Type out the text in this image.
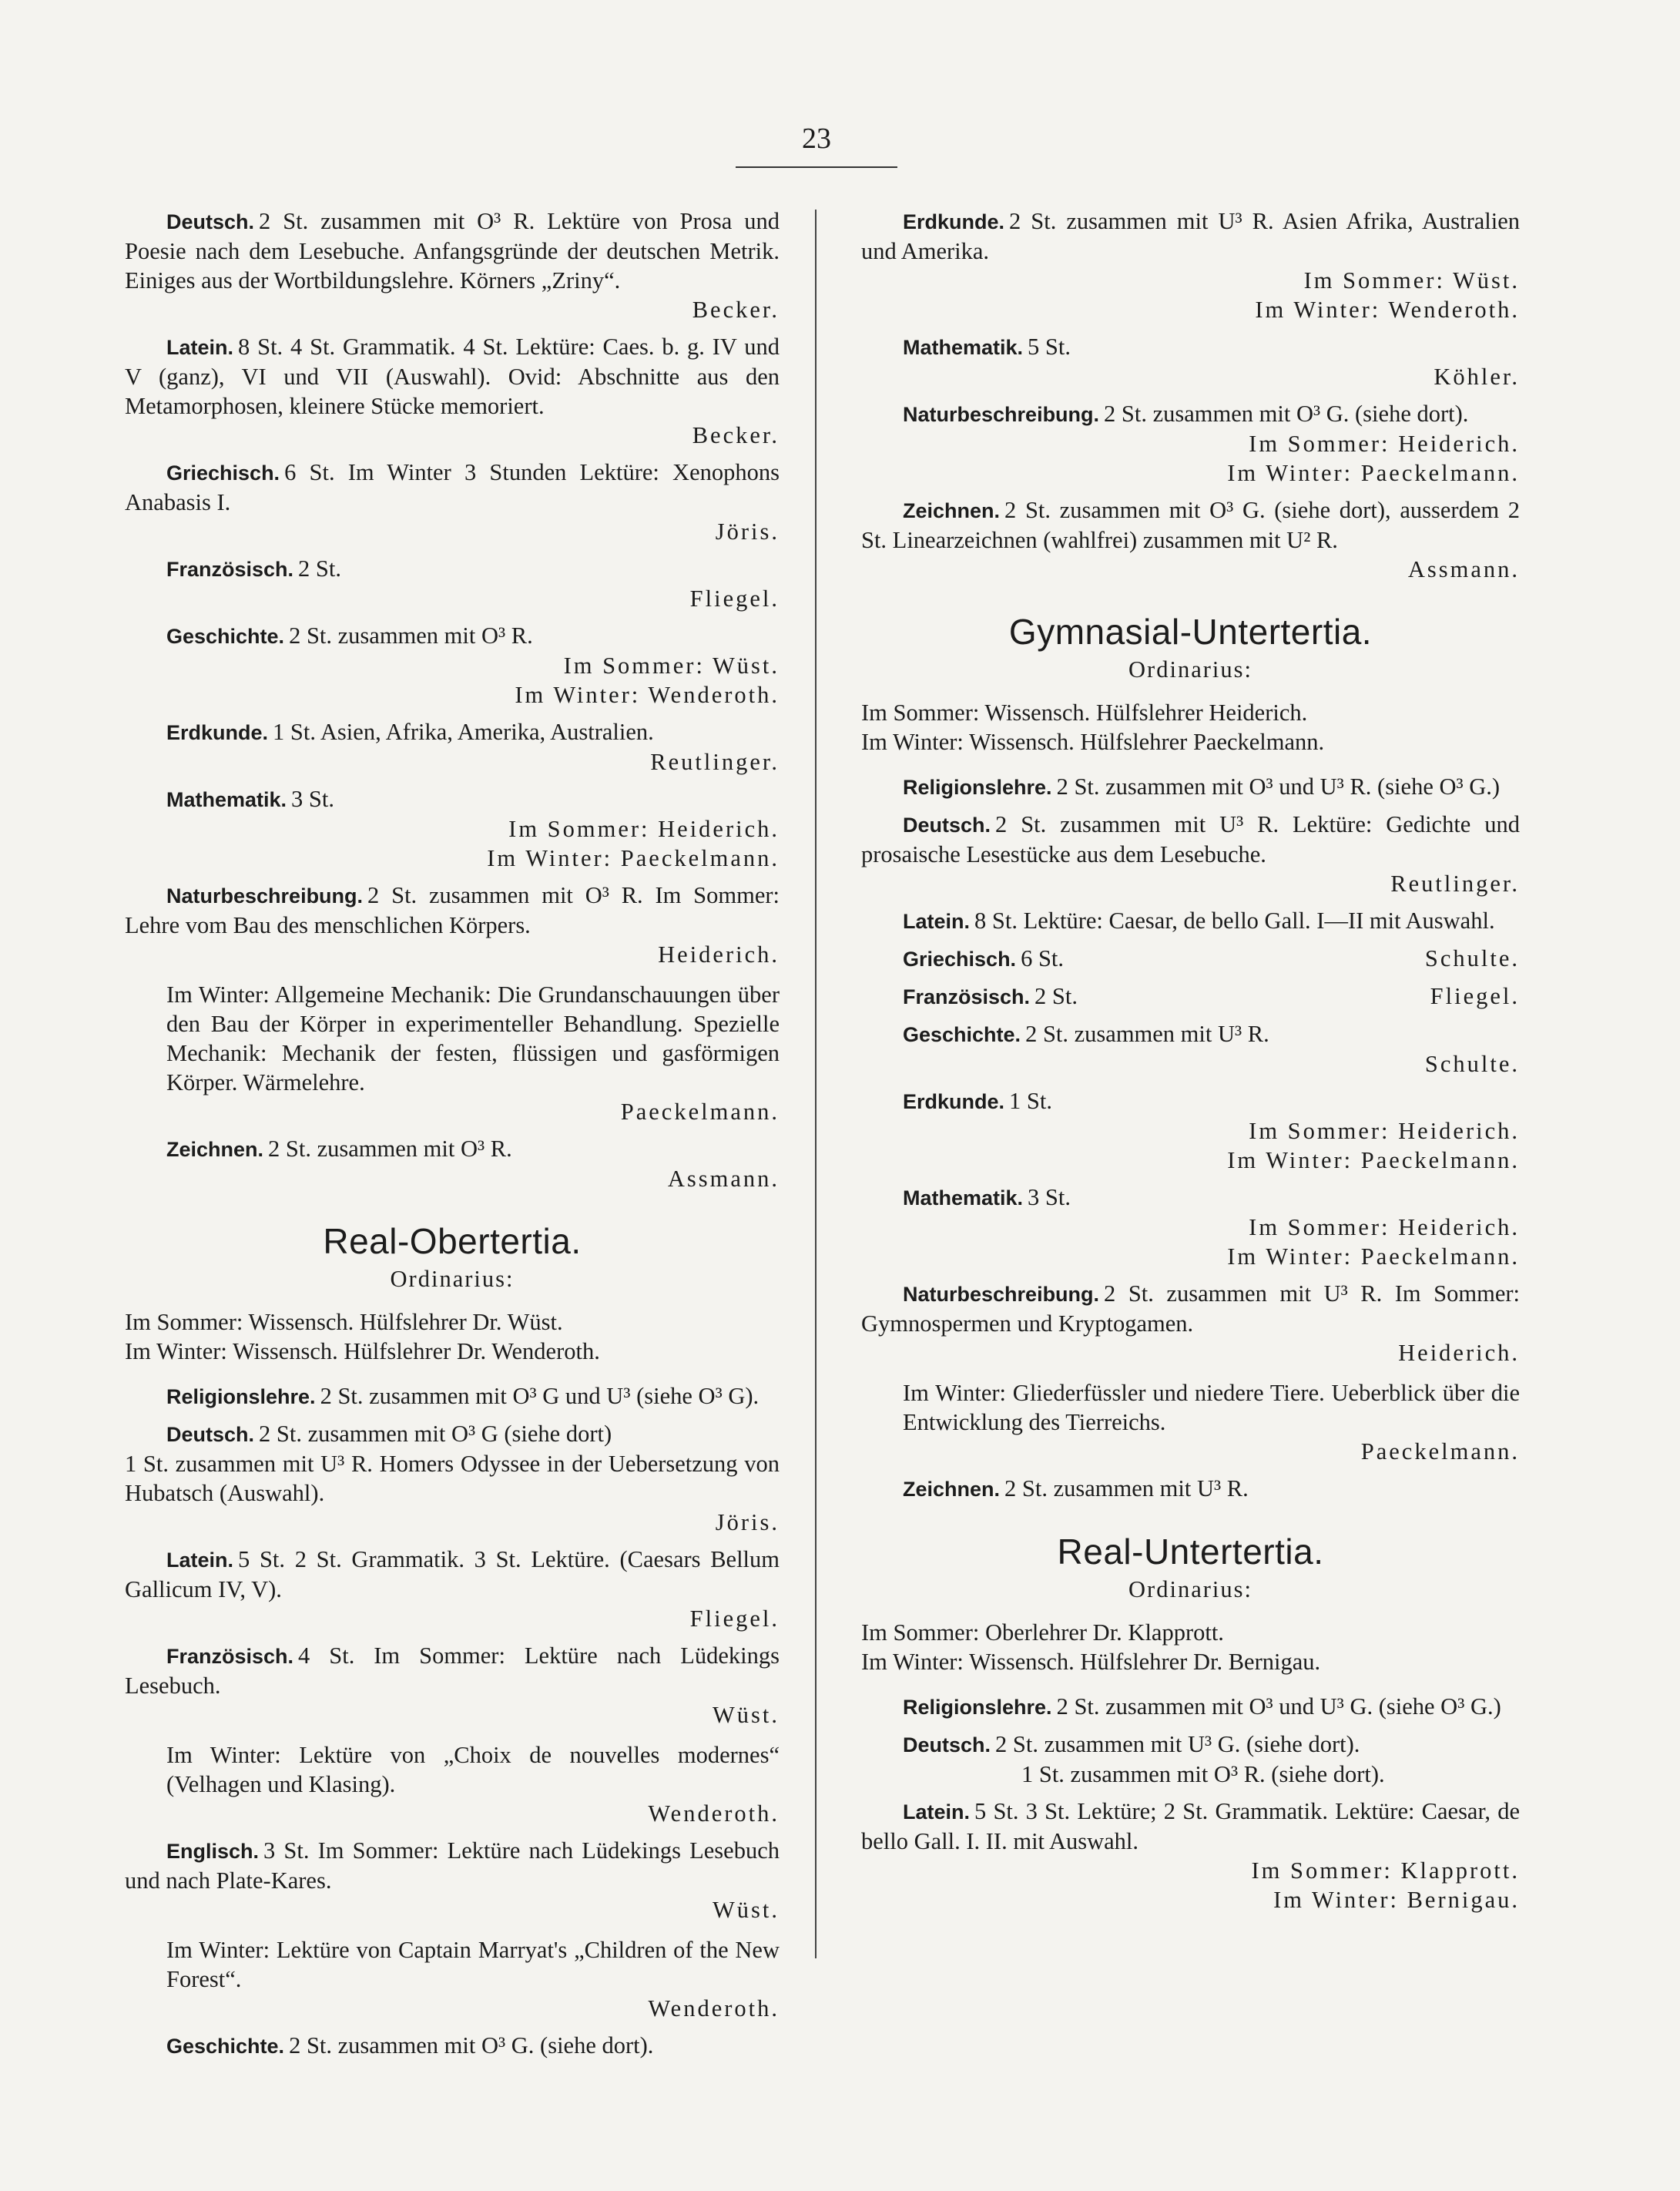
23

Deutsch. 2 St. zusammen mit O³ R. Lektüre von Prosa und Poesie nach dem Lesebuche. Anfangsgründe der deutschen Metrik. Einiges aus der Wortbildungslehre. Körners „Zriny“.

Becker.

Latein. 8 St. 4 St. Grammatik. 4 St. Lektüre: Caes. b. g. IV und V (ganz), VI und VII (Auswahl). Ovid: Abschnitte aus den Metamorphosen, kleinere Stücke memoriert.

Becker.

Griechisch. 6 St. Im Winter 3 Stunden Lektüre: Xenophons Anabasis I.

Jöris.

Französisch. 2 St.

Fliegel.

Geschichte. 2 St. zusammen mit O³ R.

Im Sommer: Wüst.
Im Winter: Wenderoth.

Erdkunde. 1 St. Asien, Afrika, Amerika, Australien.

Reutlinger.

Mathematik. 3 St.

Im Sommer: Heiderich.
Im Winter: Paeckelmann.

Naturbeschreibung. 2 St. zusammen mit O³ R. Im Sommer: Lehre vom Bau des menschlichen Körpers.

Heiderich.

Im Winter: Allgemeine Mechanik: Die Grundanschauungen über den Bau der Körper in experimenteller Behandlung. Spezielle Mechanik: Mechanik der festen, flüssigen und gasförmigen Körper. Wärmelehre.

Paeckelmann.

Zeichnen. 2 St. zusammen mit O³ R.

Assmann.
Real-Obertertia.
Ordinarius:

Im Sommer: Wissensch. Hülfslehrer Dr. Wüst.

Im Winter: Wissensch. Hülfslehrer Dr. Wenderoth.

Religionslehre. 2 St. zusammen mit O³ G und U³ (siehe O³ G).

Deutsch. 2 St. zusammen mit O³ G (siehe dort)

1 St. zusammen mit U³ R. Homers Odyssee in der Uebersetzung von Hubatsch (Auswahl).

Jöris.

Latein. 5 St. 2 St. Grammatik. 3 St. Lektüre. (Caesars Bellum Gallicum IV, V).

Fliegel.

Französisch. 4 St. Im Sommer: Lektüre nach Lüdekings Lesebuch.

Wüst.

Im Winter: Lektüre von „Choix de nouvelles modernes“ (Velhagen und Klasing).

Wenderoth.

Englisch. 3 St. Im Sommer: Lektüre nach Lüdekings Lesebuch und nach Plate-Kares.

Wüst.

Im Winter: Lektüre von Captain Marryat's „Children of the New Forest“.

Wenderoth.

Geschichte. 2 St. zusammen mit O³ G. (siehe dort).

Erdkunde. 2 St. zusammen mit U³ R. Asien Afrika, Australien und Amerika.

Im Sommer: Wüst.
Im Winter: Wenderoth.

Mathematik. 5 St.

Köhler.

Naturbeschreibung. 2 St. zusammen mit O³ G. (siehe dort).

Im Sommer: Heiderich.
Im Winter: Paeckelmann.

Zeichnen. 2 St. zusammen mit O³ G. (siehe dort), ausserdem 2 St. Linearzeichnen (wahlfrei) zusammen mit U² R.

Assmann.
Gymnasial-Untertertia.
Ordinarius:

Im Sommer: Wissensch. Hülfslehrer Heiderich.

Im Winter: Wissensch. Hülfslehrer Paeckelmann.

Religionslehre. 2 St. zusammen mit O³ und U³ R. (siehe O³ G.)

Deutsch. 2 St. zusammen mit U³ R. Lektüre: Gedichte und prosaische Lesestücke aus dem Lesebuche.

Reutlinger.

Latein. 8 St. Lektüre: Caesar, de bello Gall. I—II mit Auswahl.

Griechisch. 6 St.	Schulte.

Französisch. 2 St.	Fliegel.

Geschichte. 2 St. zusammen mit U³ R.

Schulte.

Erdkunde. 1 St.

Im Sommer: Heiderich.
Im Winter: Paeckelmann.

Mathematik. 3 St.

Im Sommer: Heiderich.
Im Winter: Paeckelmann.

Naturbeschreibung. 2 St. zusammen mit U³ R. Im Sommer: Gymnospermen und Kryptogamen.

Heiderich.

Im Winter: Gliederfüssler und niedere Tiere. Ueberblick über die Entwicklung des Tierreichs.

Paeckelmann.

Zeichnen. 2 St. zusammen mit U³ R.

Real-Untertertia.
Ordinarius:

Im Sommer: Oberlehrer Dr. Klapprott.

Im Winter: Wissensch. Hülfslehrer Dr. Bernigau.

Religionslehre. 2 St. zusammen mit O³ und U³ G. (siehe O³ G.)

Deutsch. 2 St. zusammen mit U³ G. (siehe dort).

1 St. zusammen mit O³ R. (siehe dort).

Latein. 5 St. 3 St. Lektüre; 2 St. Grammatik. Lektüre: Caesar, de bello Gall. I. II. mit Auswahl.

Im Sommer: Klapprott.
Im Winter: Bernigau.
